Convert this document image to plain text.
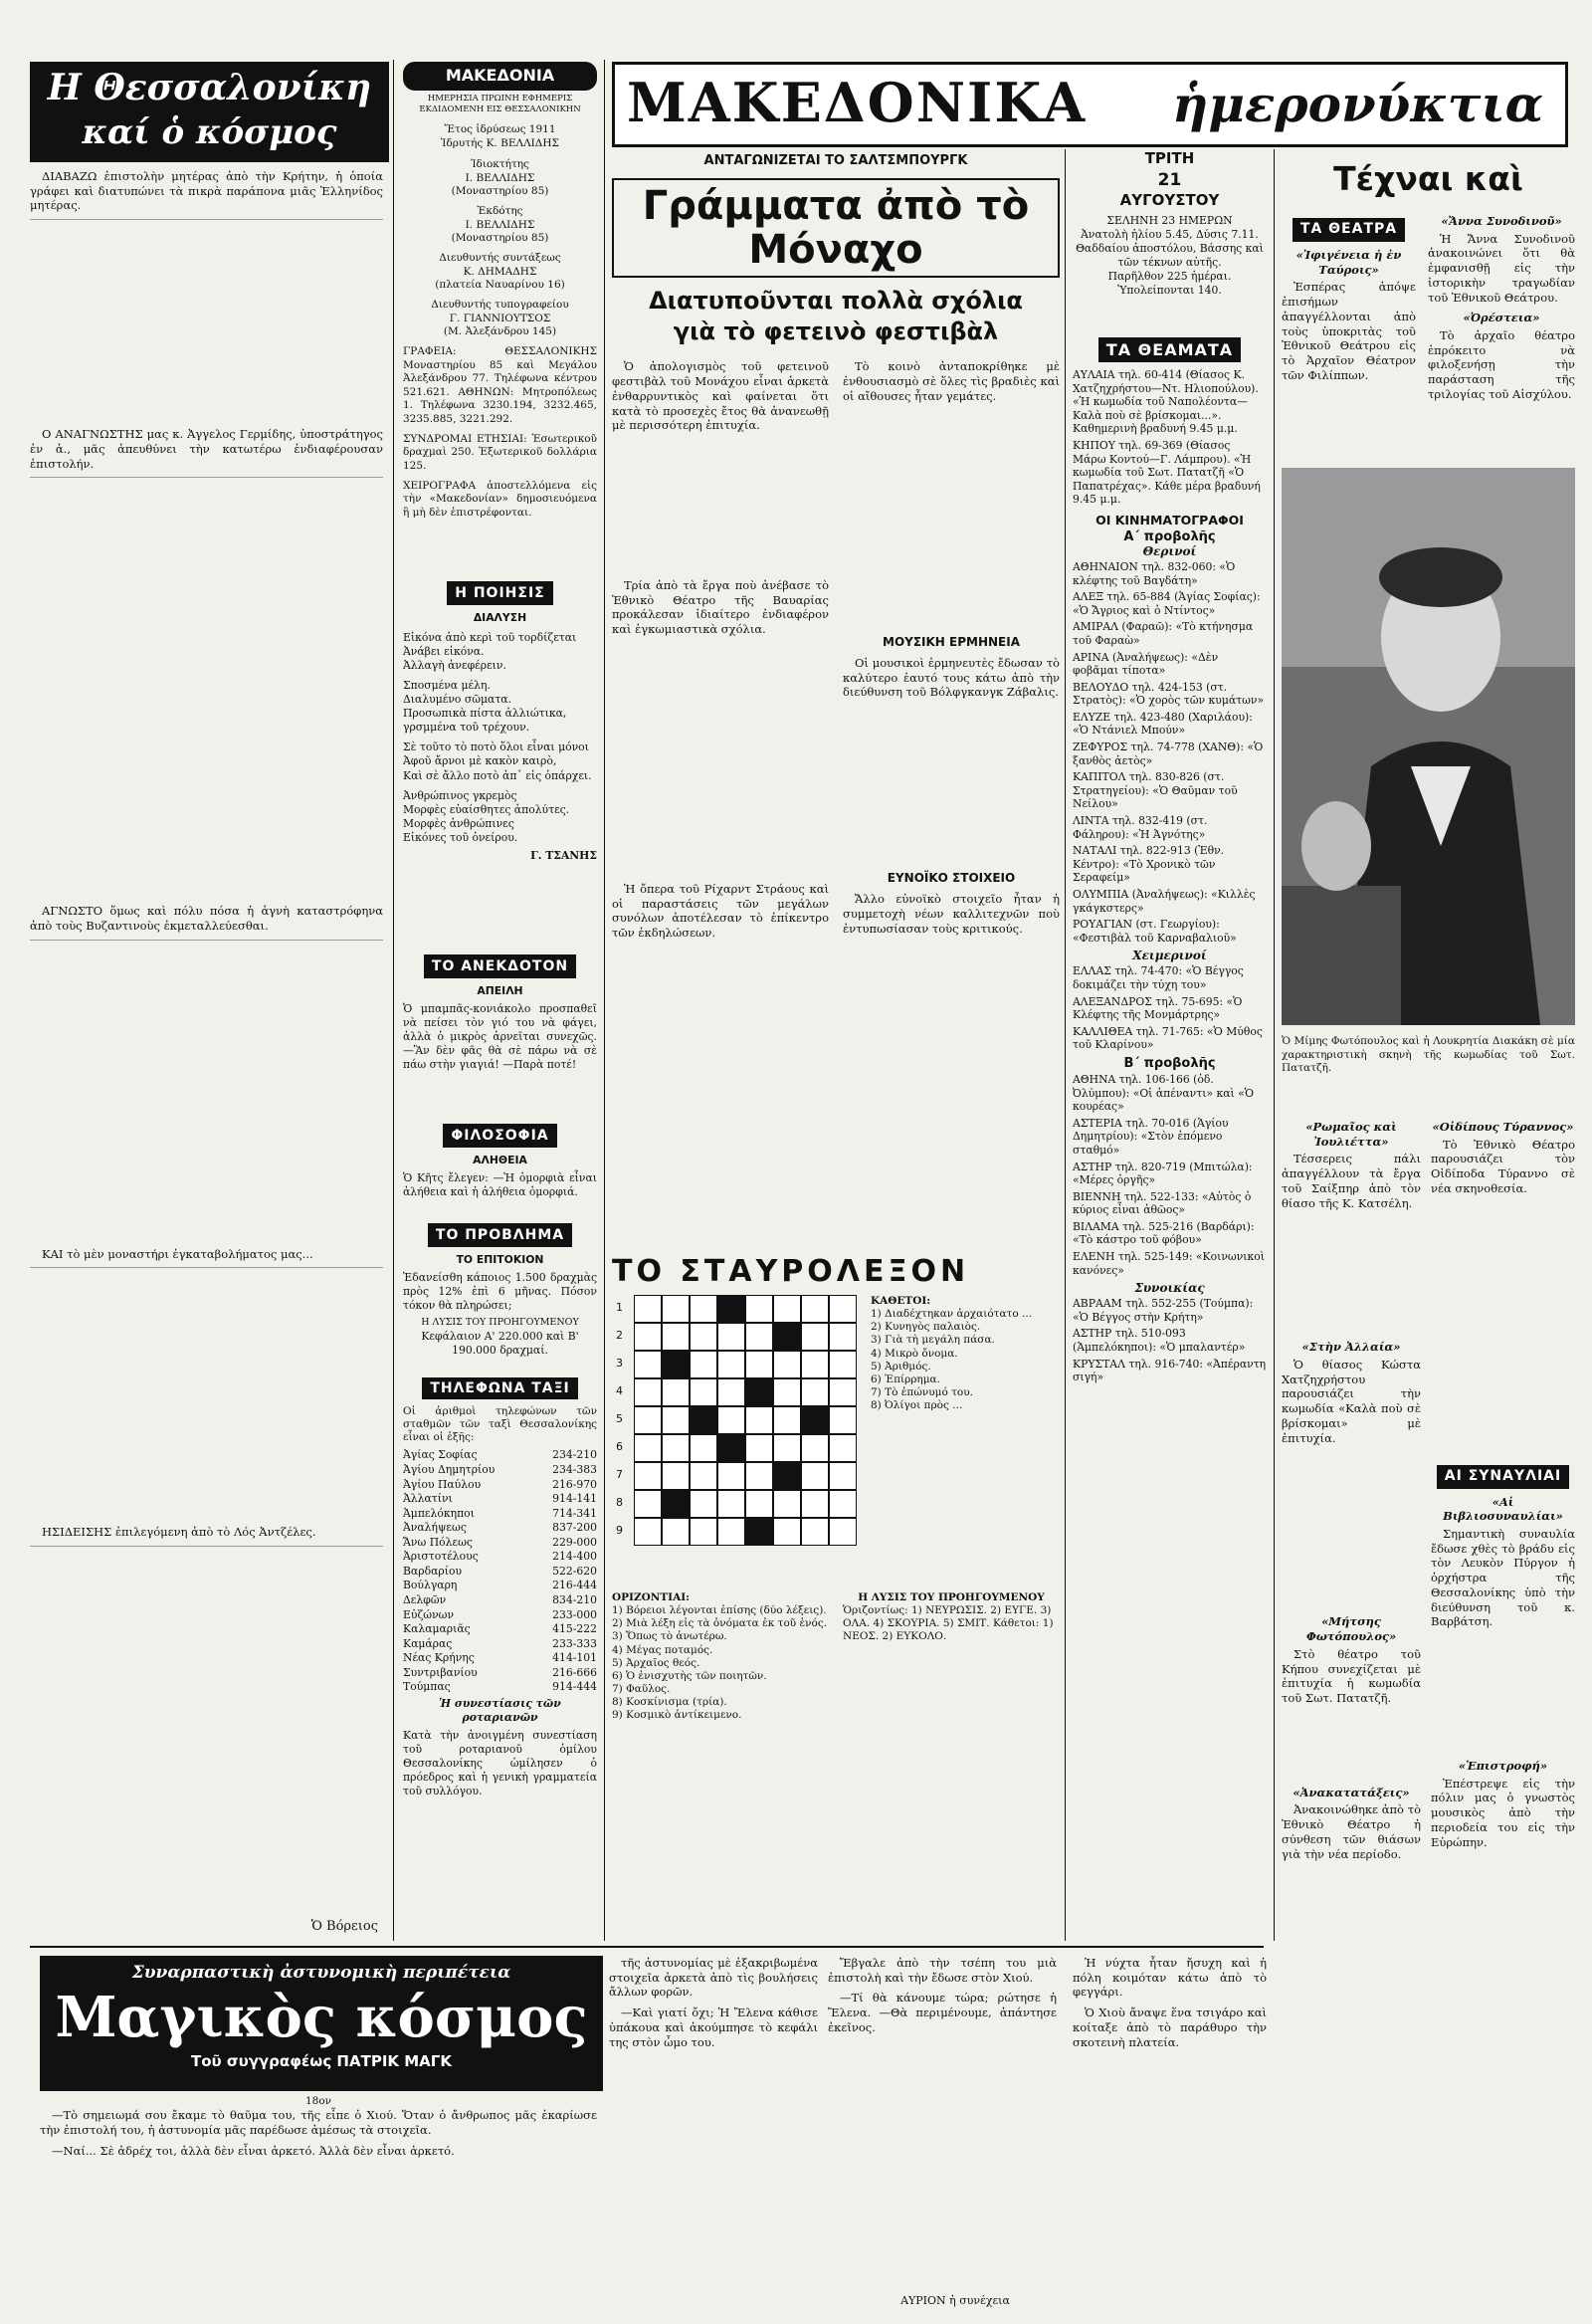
Η Θεσσαλονίκη
καί ὁ κόσμος

ΔΙΑΒΑΖΩ ἐπιστολὴν μητέρας ἀπὸ τὴν Κρήτην, ἡ ὁποία γράφει καὶ διατυπώνει τὰ πικρὰ παράπονα μιᾶς Ἑλληνίδος μητέρας.

Ο ΑΝΑΓΝΩΣΤΗΣ μας κ. Ἀγγελος Γερμίδης, ὑποστράτηγος ἐν ἀ., μᾶς ἀπευθύνει τὴν κατωτέρω ἐνδιαφέρουσαν ἐπιστολήν.

ΑΓΝΩΣΤΟ ὅμως καὶ πόλυ πόσα ἡ ἀγνὴ καταστρόφηνα ἀπὸ τοὺς Βυζαντινοὺς ἐκμεταλλεύεσθαι.

ΚΑΙ τὸ μὲν μοναστήρι ἐγκαταβολήματος μας...

ΗΣΙΔΕΙΣΗΣ ἐπιλεγόμενη ἀπὸ τὸ Λός Ἀντζέλες.

Ὁ Βόρειος
ΜΑΚΕΔΟΝΙΑ
ΗΜΕΡΗΣΙΑ ΠΡΩΙΝΗ ΕΦΗΜΕΡΙΣ ΕΚΔΙΔΟΜΕΝΗ ΕΙΣ ΘΕΣΣΑΛΟΝΙΚΗΝ
Ἔτος ἱδρύσεως 1911
Ἱδρυτής Κ. ΒΕΛΛΙΔΗΣ
Ἰδιοκτήτης
Ι. ΒΕΛΛΙΔΗΣ
(Μοναστηρίου 85)
Ἐκδότης
Ι. ΒΕΛΛΙΔΗΣ
(Μοναστηρίου 85)
Διευθυντής συντάξεως
Κ. ΔΗΜΑΔΗΣ
(πλατεία Ναυαρίνου 16)
Διευθυντής τυπογραφείου
Γ. ΓΙΑΝΝΙΟΥΤΣΟΣ
(Μ. Ἀλεξάνδρου 145)
ΓΡΑΦΕΙΑ: ΘΕΣΣΑΛΟΝΙΚΗΣ Μοναστηρίου 85 καὶ Μεγάλου Ἀλεξάνδρου 77. Τηλέφωνα κέντρου 521.621. ΑΘΗΝΩΝ: Μητροπόλεως 1. Τηλέφωνα 3230.194, 3232.465, 3235.885, 3221.292.
ΣΥΝΔΡΟΜΑΙ ΕΤΗΣΙΑΙ: Ἐσωτερικοῦ δραχμαὶ 250. Ἐξωτερικοῦ δολλάρια 125.
ΧΕΙΡΟΓΡΑΦΑ ἀποστελλόμενα εἰς τὴν «Μακεδονίαν» δημοσιευόμενα ἢ μὴ δὲν ἐπιστρέφονται.
Η ΠΟΙΗΣΙΣ
ΔΙΑΛΥΣΗ
Εἰκόνα ἀπὸ κερὶ τοῦ τορδίζεται
Ἀνάβει εἰκόνα.
Ἀλλαγὴ ἀνεφέρειν.
Σποσμένα μέλη.
Διαλυμένο σῶματα.
Προσωπικὰ πίστα ἀλλιώτικα, γρσμμένα τοῦ τρέχουν.
Σὲ τοῦτο τὸ ποτὸ ὅλοι εἶναι μόνοι
Ἀφοῦ ἄρνοι μὲ κακὸν καιρὸ,
Καὶ σὲ ἄλλο ποτὸ ἀπ᾿ εἰς ὁπάρχει.
Ἀνθρώπινος γκρεμὸς
Μορφὲς εὐαίσθητες ἀπολύτες.
Μορφὲς ἀνθρώπινες
Εἰκόνες τοῦ ὀνείρου.
Γ. ΤΣΑΝΗΣ
ΤΟ ΑΝΕΚΔΟΤΟΝ
ΑΠΕΙΛΗ
Ὁ μπαμπᾶς-κονιάκολο προσπαθεῖ νὰ πείσει τὸν γιό του νὰ φάγει, ἀλλὰ ὁ μικρὸς ἀρνεῖται συνεχῶς. —Ἂν δὲν φᾶς θὰ σὲ πάρω νὰ σὲ πάω στὴν γιαγιά! —Παρὰ ποτέ!
ΦΙΛΟΣΟΦΙΑ
ΑΛΗΘΕΙΑ
Ὁ Κῆτς ἔλεγεν: —Ἡ ὀμορφιὰ εἶναι ἀλήθεια καὶ ἡ ἀλήθεια ὀμορφιά.
ΤΟ ΠΡΟΒΛΗΜΑ
ΤΟ ΕΠΙΤΟΚΙΟΝ
Ἐδανείσθη κάποιος 1.500 δραχμὰς πρὸς 12% ἐπὶ 6 μῆνας. Πόσον τόκον θὰ πληρώσει;
Η ΛΥΣΙΣ ΤΟΥ ΠΡΟΗΓΟΥΜΕΝΟΥ
Κεφάλαιον Α' 220.000 καὶ Β' 190.000 δραχμαί.
ΤΗΛΕΦΩΝΑ ΤΑΞΙ
Οἱ ἀριθμοὶ τηλεφώνων τῶν σταθμῶν τῶν ταξὶ Θεσσαλονίκης εἶναι οἱ ἑξῆς:
Ἀγίας Σοφίας	234-210
Ἀγίου Δημητρίου	234-383
Ἀγίου Παύλου	216-970
Ἀλλατίνι	914-141
Ἀμπελόκηποι	714-341
Ἀναλήψεως	837-200
Ἄνω Πόλεως	229-000
Ἀριστοτέλους	214-400
Βαρδαρίου	522-620
Βούλγαρη	216-444
Δελφῶν	834-210
Εὐζώνων	233-000
Καλαμαριᾶς	415-222
Καμάρας	233-333
Νέας Κρήνης	414-101
Συντριβανίου	216-666
Τούμπας	914-444
Ἡ συνεστίασις τῶν ροταριανῶν
Κατὰ τὴν ἀνοιγμένη συνεστίαση τοῦ ροταριανοῦ ὁμίλου Θεσσαλονίκης ὡμίλησεν ὁ πρόεδρος καὶ ἡ γενικὴ γραμματεία τοῦ συλλόγου.
ΜΑΚΕΔΟΝΙΚΑ ἡμερονύκτια
ΑΝΤΑΓΩΝΙΖΕΤΑΙ ΤΟ ΣΑΛΤΣΜΠΟΥΡΓΚ
Γράμματα ἀπὸ τὸ Μόναχο
Διατυποῦνται πολλὰ σχόλια γιὰ τὸ φετεινὸ φεστιβὰλ

Ὁ ἀπολογισμὸς τοῦ φετεινοῦ φεστιβὰλ τοῦ Μονάχου εἶναι ἀρκετὰ ἐνθαρρυντικὸς καὶ φαίνεται ὅτι κατὰ τὸ προσεχὲς ἔτος θὰ ἀνανεωθῇ μὲ περισσότερη ἐπιτυχία.

Τρία ἀπὸ τὰ ἔργα ποὺ ἀνέβασε τὸ Ἐθνικὸ Θέατρο τῆς Βαυαρίας προκάλεσαν ἰδιαίτερο ἐνδιαφέρον καὶ ἐγκωμιαστικὰ σχόλια.

Ἡ ὄπερα τοῦ Ρίχαρντ Στράους καὶ οἱ παραστάσεις τῶν μεγάλων συνόλων ἀποτέλεσαν τὸ ἐπίκεντρο τῶν ἐκδηλώσεων.

Τὸ κοινὸ ἀνταποκρίθηκε μὲ ἐνθουσιασμὸ σὲ ὅλες τὶς βραδιὲς καὶ οἱ αἴθουσες ἦταν γεμάτες.

ΜΟΥΣΙΚΗ ΕΡΜΗΝΕΙΑ

Οἱ μουσικοὶ ἐρμηνευτὲς ἔδωσαν τὸ καλύτερο ἑαυτό τους κάτω ἀπὸ τὴν διεύθυνση τοῦ Βόλφγκανγκ Ζάβαλις.

ΕΥΝΟΪΚΟ ΣΤΟΙΧΕΙΟ

Ἄλλο εὐνοϊκὸ στοιχεῖο ἦταν ἡ συμμετοχὴ νέων καλλιτεχνῶν ποὺ ἐντυπωσίασαν τοὺς κριτικούς.

ΤΟ ΣΤΑΥΡΟΛΕΞΟΝ
1
2
3
4
5
6
7
8
9
ΚΑΘΕΤΟΙ:
1) Διαδέχτηκαν ἀρχαιότατο ...
2) Κυνηγὸς παλαιὸς.
3) Γιὰ τὴ μεγάλη πάσα.
4) Μικρὸ ὄνομα.
5) Ἀριθμός.
6) Ἐπίρρημα.
7) Τὸ ἐπώνυμό του.
8) Ὀλίγοι πρὸς ...
ΟΡΙΖΟΝΤΙΑΙ:
1) Βόρειοι λέγονται ἐπίσης (δύο λέξεις).
2) Μιὰ λέξη εἰς τὰ ὀνόματα ἐκ τοῦ ἑνός.
3) Ὅπως τὸ ἀνωτέρω.
4) Μέγας ποταμός.
5) Ἀρχαῖος θεός.
6) Ὁ ἐνισχυτὴς τῶν ποιητῶν.
7) Φαῦλος.
8) Κοσκίνισμα (τρία).
9) Κοσμικὸ ἀντίκειμενο.
Η ΛΥΣΙΣ ΤΟΥ ΠΡΟΗΓΟΥΜΕΝΟΥ
Ὁριζοντίως: 1) ΝΕΥΡΩΣΙΣ. 2) ΕΥΓΕ. 3) ΟΛΑ. 4) ΣΚΟΥΡΙΑ. 5) ΣΜΙΤ. Κάθετοι: 1) ΝΕΟΣ. 2) ΕΥΚΟΛΟ.
ΤΡΙΤΗ
21
ΑΥΓΟΥΣΤΟΥ
ΣΕΛΗΝΗ 23 ΗΜΕΡΩΝ
Ἀνατολὴ ἡλίου 5.45, Δύσις 7.11.
Θαδδαίου ἀποστόλου, Βάσσης καὶ τῶν τέκνων αὐτῆς.
Παρῆλθον 225 ἡμέραι. Ὑπολείπονται 140.
ΤΑ ΘΕΑΜΑΤΑ
ΑΥΛΑΙΑ τηλ. 60-414 (Θίασος Κ. Χατζηχρήστου—Ντ. Ηλιοπούλου). «Ἡ κωμωδία τοῦ Ναπολέοντα—Καλὰ ποὺ σὲ βρίσκομαι...». Καθημερινὴ βραδυνή 9.45 μ.μ.
ΚΗΠΟΥ τηλ. 69-369 (Θίασος Μάρω Κοντού—Γ. Λάμπρου). «Ἡ κωμωδία τοῦ Σωτ. Πατατζῆ «Ὁ Παπατρέχας». Κάθε μέρα βραδυνή 9.45 μ.μ.
ΟΙ ΚΙΝΗΜΑΤΟΓΡΑΦΟΙ
Α΄ προβολῆς
Θερινοί
ΑΘΗΝΑΙΟΝ τηλ. 832-060: «Ὁ κλέφτης τοῦ Βαγδάτη»
ΑΛΕΞ τηλ. 65-884 (Ἁγίας Σοφίας): «Ὁ Ἄγριος καὶ ὁ Ντίντος»
ΑΜΙΡΑΛ (Φαραῶ): «Τὸ κτήνησμα τοῦ Φαραὼ»
ΑΡΙΝΑ (Ἀναλήψεως): «Δὲν φοβᾶμαι τίποτα»
ΒΕΛΟΥΔΟ τηλ. 424-153 (στ. Στρατὸς): «Ὁ χορὸς τῶν κυμάτων»
ΕΛΥΖΕ τηλ. 423-480 (Χαριλάου): «Ὁ Ντάνιελ Μπούν»
ΖΕΦΥΡΟΣ τηλ. 74-778 (ΧΑΝΘ): «Ὁ ξανθὸς ἀετὸς»
ΚΑΠΙΤΟΛ τηλ. 830-826 (στ. Στρατηγείου): «Ὁ Θαῦμαν τοῦ Νείλου»
ΛΙΝΤΑ τηλ. 832-419 (στ. Φάληρου): «Ἡ Ἀγνότης»
ΝΑΤΑΛΙ τηλ. 822-913 (Ἐθν. Κέντρο): «Τὸ Χρονικὸ τῶν Σεραφείμ»
ΟΛΥΜΠΙΑ (Ἀναλήψεως): «Κιλλὲς γκάγκστερς»
ΡΟΥΑΓΙΑΝ (στ. Γεωργίου): «Φεστιβὰλ τοῦ Καρναβαλιοῦ»
Χειμερινοί
ΕΛΛΑΣ τηλ. 74-470: «Ὁ Βέγγος δοκιμάζει τὴν τύχη του»
ΑΛΕΞΑΝΔΡΟΣ τηλ. 75-695: «Ὁ Κλέφτης τῆς Μονμάρτρης»
ΚΑΛΛΙΘΕΑ τηλ. 71-765: «Ὁ Μύθος τοῦ Κλαρίνου»
Β΄ προβολῆς
ΑΘΗΝΑ τηλ. 106-166 (ὁδ. Ὀλύμπου): «Οἱ ἀπέναντι» καὶ «Ὁ κουρέας»
ΑΣΤΕΡΙΑ τηλ. 70-016 (Ἁγίου Δημητρίου): «Στὸν ἐπόμενο σταθμό»
ΑΣΤΗΡ τηλ. 820-719 (Μπιτώλα): «Μέρες ὀργῆς»
ΒΙΕΝΝΗ τηλ. 522-133: «Αὐτὸς ὁ κύριος εἶναι ἀθῶος»
ΒΙΛΑΜΑ τηλ. 525-216 (Βαρδάρι): «Τὸ κάστρο τοῦ φόβου»
ΕΛΕΝΗ τηλ. 525-149: «Κοινωνικοὶ κανόνες»
Συνοικίας
ΑΒΡΑΑΜ τηλ. 552-255 (Τούμπα): «Ὁ Βέγγος στὴν Κρήτη»
ΑΣΤΗΡ τηλ. 510-093 (Ἁμπελόκηποι): «Ὁ μπαλαντέρ»
ΚΡΥΣΤΑΛ τηλ. 916-740: «Ἀπέραντη σιγή»
Τέχναι καὶ
ΤΑ ΘΕΑΤΡΑ
«Ἰφιγένεια ἡ ἐν Ταύροις»

Ἐσπέρας ἀπόψε ἐπισήμων ἀπαγγέλλονται ἀπὸ τοὺς ὑποκριτὰς τοῦ Ἐθνικοῦ Θεάτρου εἰς τὸ Ἀρχαῖον Θέατρον τῶν Φιλίππων.

Ὁ Μίμης Φωτόπουλος καὶ ἡ Λουκρητία Διακάκη σὲ μία χαρακτηριστικὴ σκηνὴ τῆς κωμωδίας τοῦ Σωτ. Πατατζῆ.
«Ἄννα Συνοδινοῦ»

Ἡ Ἄννα Συνοδινοῦ ἀνακοινώνει ὅτι θὰ ἐμφανισθῇ εἰς τὴν ἱστορικὴν τραγωδίαν τοῦ Ἐθνικοῦ Θεάτρου.

«Ὀρέστεια»

Τὸ ἀρχαῖο θέατρο ἐπρόκειτο νὰ φιλοξενήσῃ τὴν παράσταση τῆς τριλογίας τοῦ Αἰσχύλου.

«Ρωμαῖος καὶ Ἰουλιέττα»

Τέσσερεις πάλι ἀπαγγέλλουν τὰ ἔργα τοῦ Σαίξπηρ ἀπὸ τὸν θίασο τῆς Κ. Κατσέλη.

«Στὴν Ἀλλαία»

Ὁ θίασος Κώστα Χατζηχρήστου παρουσιάζει τὴν κωμωδία «Καλὰ ποὺ σὲ βρίσκομαι» μὲ ἐπιτυχία.

«Μήτσης Φωτόπουλος»

Στὸ θέατρο τοῦ Κήπου συνεχίζεται μὲ ἐπιτυχία ἡ κωμωδία τοῦ Σωτ. Πατατζῆ.

«Ἀνακατατάξεις»

Ἀνακοινώθηκε ἀπὸ τὸ Ἐθνικὸ Θέατρο ἡ σύνθεση τῶν θιάσων γιὰ τὴν νέα περίοδο.

«Οἰδίπους Τύραννος»

Τὸ Ἐθνικὸ Θέατρο παρουσιάζει τὸν Οἰδίποδα Τύραννο σὲ νέα σκηνοθεσία.

ΑΙ ΣΥΝΑΥΛΙΑΙ
«Αἱ Βιβλιοσυναυλίαι»

Σημαντικὴ συναυλία ἔδωσε χθὲς τὸ βράδυ εἰς τὸν Λευκὸν Πύργον ἡ ὀρχήστρα τῆς Θεσσαλονίκης ὑπὸ τὴν διεύθυνση τοῦ κ. Βαρβάτση.

«Ἐπιστροφή»

Ἐπέστρεψε εἰς τὴν πόλιν μας ὁ γνωστὸς μουσικὸς ἀπὸ τὴν περιοδεία του εἰς τὴν Εὐρώπην.

Συναρπαστικὴ ἀστυνομικὴ περιπέτεια
Μαγικὸς κόσμος
Τοῦ συγγραφέως ΠΑΤΡΙΚ ΜΑΓΚ
18ον

—Τὸ σημειωμά σου ἔκαμε τὸ θαῦμα του, τῆς εἶπε ὁ Χιού. Ὅταν ὁ ἄνθρωπος μᾶς ἐκαρίωσε τὴν ἐπιστολή του, ἡ ἀστυνομία μᾶς παρέδωσε ἀμέσως τὰ στοιχεῖα.

—Ναί... Σὲ ἀδρέχ τοι, ἀλλὰ δὲν εἶναι ἀρκετό. Ἀλλὰ δὲν εἶναι ἀρκετό.

τῆς ἀστυνομίας μὲ ἐξακριβωμένα στοιχεῖα ἀρκετὰ ἀπὸ τὶς βουλήσεις ἄλλων φορῶν.

—Καὶ γιατί ὄχι; Ἡ Ἔλενα κάθισε ὑπάκουα καὶ ἀκούμπησε τὸ κεφάλι της στὸν ὦμο του.

Ἔβγαλε ἀπὸ τὴν τσέπη του μιὰ ἐπιστολὴ καὶ τὴν ἔδωσε στὸν Χιού.

—Τί θὰ κάνουμε τώρα; ρώτησε ἡ Ἔλενα. —Θὰ περιμένουμε, ἀπάντησε ἐκεῖνος.

Ἡ νύχτα ἦταν ἤσυχη καὶ ἡ πόλη κοιμόταν κάτω ἀπὸ τὸ φεγγάρι.

Ὁ Χιοὺ ἄναψε ἕνα τσιγάρο καὶ κοίταξε ἀπὸ τὸ παράθυρο τὴν σκοτεινὴ πλατεία.

ΑΥΡΙΟΝ ἡ συνέχεια
